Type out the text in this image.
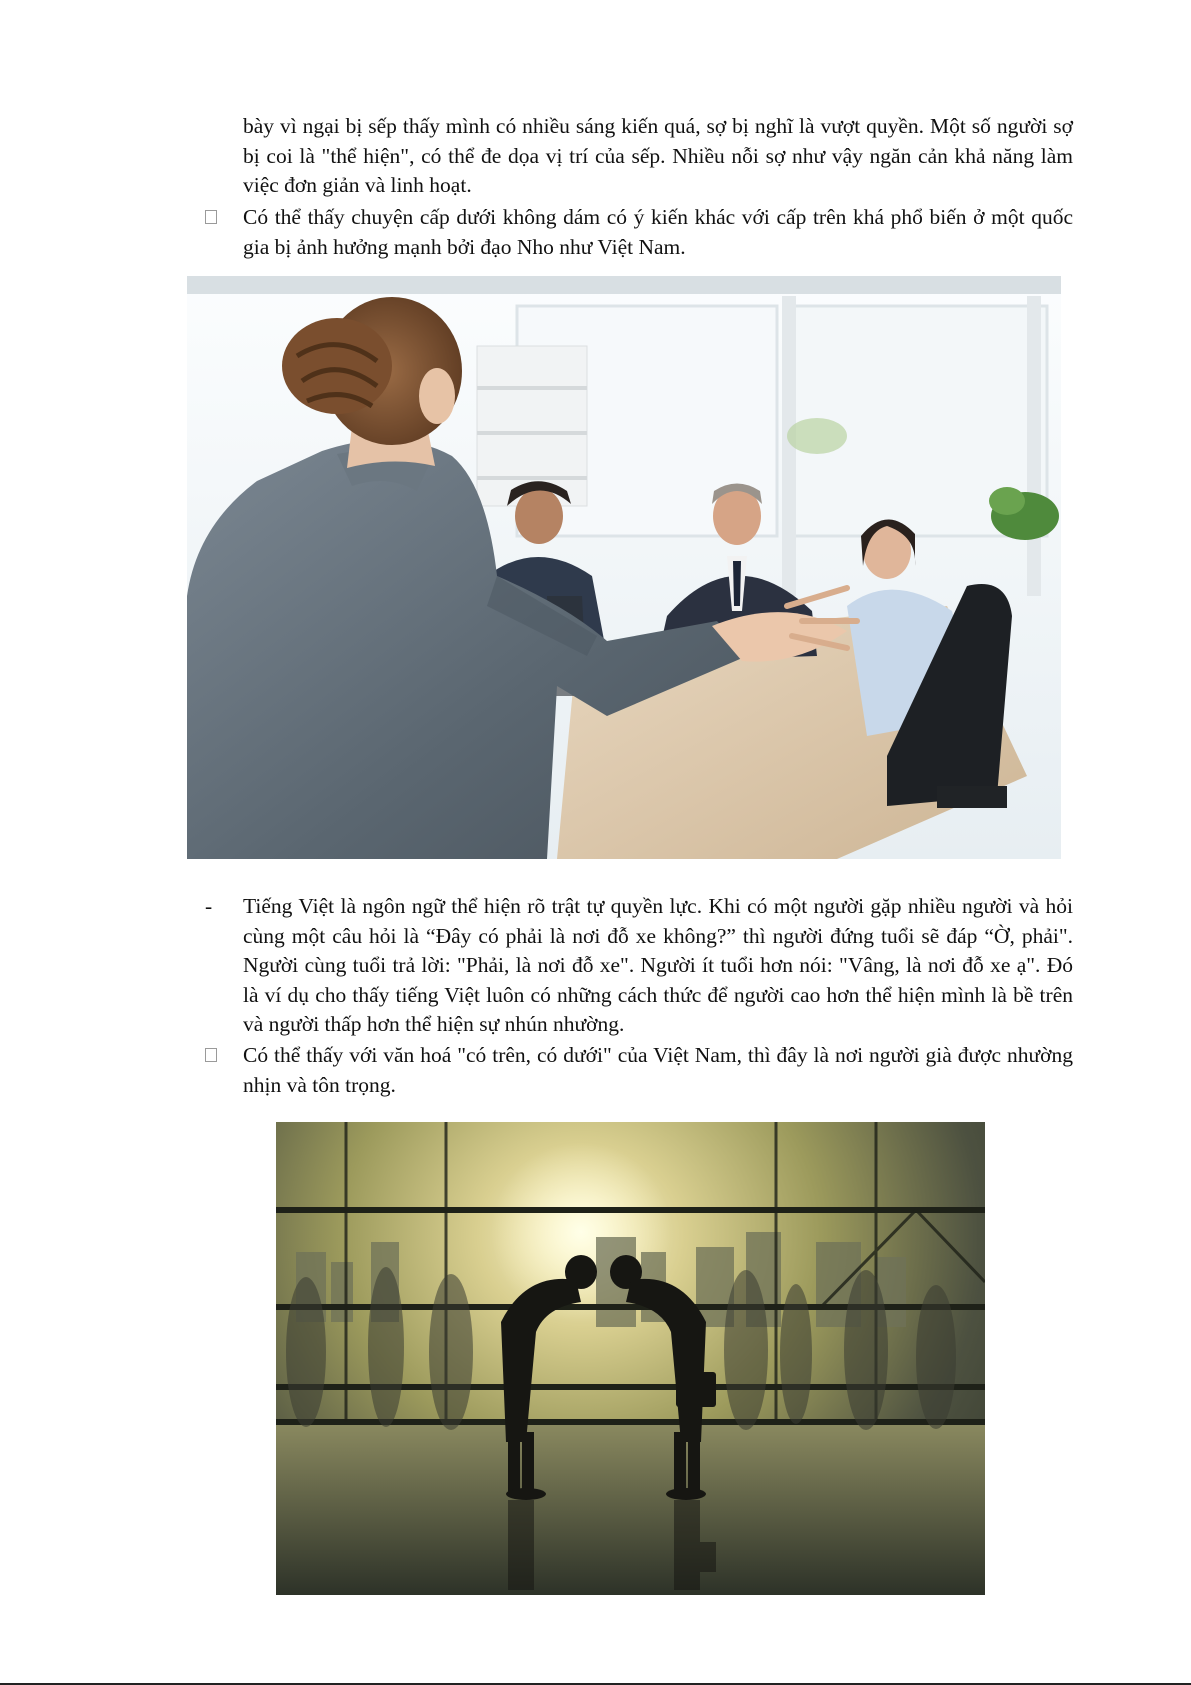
bày vì ngại bị sếp thấy mình có nhiều sáng kiến quá, sợ bị nghĩ là vượt quyền. Một số người sợ bị coi là "thể hiện", có thể đe dọa vị trí của sếp. Nhiều nỗi sợ như vậy ngăn cản khả năng làm việc đơn giản và linh hoạt.

Có thể thấy chuyện cấp dưới không dám có ý kiến khác với cấp trên khá phổ biến ở một quốc gia bị ảnh hưởng mạnh bởi đạo Nho như Việt Nam.
- Tiếng Việt là ngôn ngữ thể hiện rõ trật tự quyền lực. Khi có một người gặp nhiều người và hỏi cùng một câu hỏi là “Đây có phải là nơi đỗ xe không?” thì người đứng tuổi sẽ đáp “Ờ, phải". Người cùng tuổi trả lời: "Phải, là nơi đỗ xe". Người ít tuổi hơn nói: "Vâng, là nơi đỗ xe ạ". Đó là ví dụ cho thấy tiếng Việt luôn có những cách thức để người cao hơn thể hiện mình là bề trên và người thấp hơn thể hiện sự nhún nhường.
Có thể thấy với văn hoá "có trên, có dưới" của Việt Nam, thì đây là nơi người già được nhường nhịn và tôn trọng.
